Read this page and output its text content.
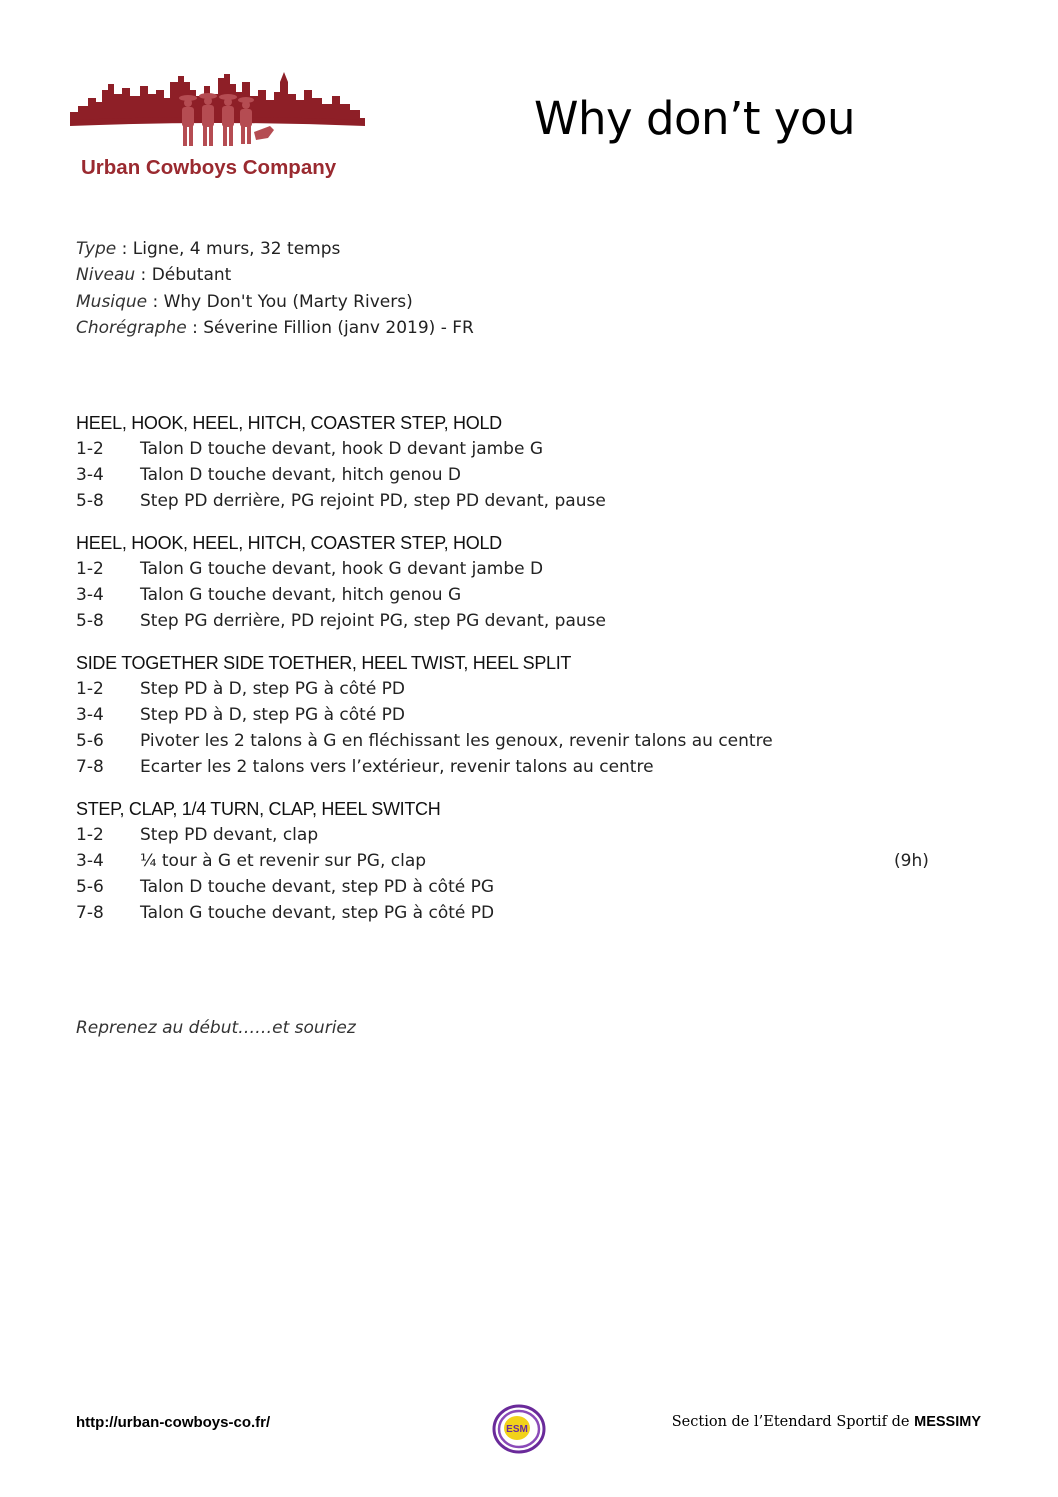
Urban Cowboys Company
Why don’t you
Type : Ligne, 4 murs, 32 temps
Niveau : Débutant
Musique : Why Don't You (Marty Rivers)
Chorégraphe : Séverine Fillion (janv 2019) - FR
HEEL, HOOK, HEEL, HITCH, COASTER STEP, HOLD
1-2 Talon D touche devant, hook D devant jambe G
3-4 Talon D touche devant, hitch genou D
5-8 Step PD derrière, PG rejoint PD, step PD devant, pause
HEEL, HOOK, HEEL, HITCH, COASTER STEP, HOLD
1-2 Talon G touche devant, hook G devant jambe D
3-4 Talon G touche devant, hitch genou G
5-8 Step PG derrière, PD rejoint PG, step PG devant, pause
SIDE TOGETHER SIDE TOETHER, HEEL TWIST, HEEL SPLIT
1-2 Step PD à D, step PG à côté PD
3-4 Step PD à D, step PG à côté PD
5-6 Pivoter les 2 talons à G en fléchissant les genoux, revenir talons au centre
7-8 Ecarter les 2 talons vers l’extérieur, revenir talons au centre
STEP, CLAP, 1/4 TURN, CLAP, HEEL SWITCH
1-2 Step PD devant, clap
3-4 ¼ tour à G et revenir sur PG, clap	(9h)
5-6 Talon D touche devant, step PD à côté PG
7-8 Talon G touche devant, step PG à côté PD
Reprenez au début……et souriez
http://urban-cowboys-co.fr/	ESM	Section de l’Etendard Sportif de MESSIMY
